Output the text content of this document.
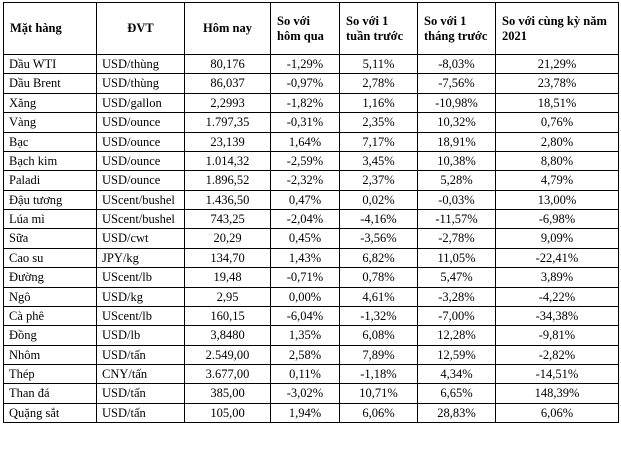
Mặt hàng	ĐVT	Hôm nay	So với hôm qua	So với 1 tuần trước	So với 1 tháng trước	So với cùng kỳ năm 2021
Dầu WTI	USD/thùng	80,176	-1,29%	5,11%	-8,03%	21,29%
Dầu Brent	USD/thùng	86,037	-0,97%	2,78%	-7,56%	23,78%
Xăng	USD/gallon	2,2993	-1,82%	1,16%	-10,98%	18,51%
Vàng	USD/ounce	1.797,35	-0,31%	2,35%	10,32%	0,76%
Bạc	USD/ounce	23,139	1,64%	7,17%	18,91%	2,80%
Bạch kim	USD/ounce	1.014,32	-2,59%	3,45%	10,38%	8,80%
Paladi	USD/ounce	1.896,52	-2,32%	2,37%	5,28%	4,79%
Đậu tương	UScent/bushel	1.436,50	0,47%	0,02%	-0,03%	13,00%
Lúa mì	UScent/bushel	743,25	-2,04%	-4,16%	-11,57%	-6,98%
Sữa	USD/cwt	20,29	0,45%	-3,56%	-2,78%	9,09%
Cao su	JPY/kg	134,70	1,43%	6,82%	11,05%	-22,41%
Đường	UScent/lb	19,48	-0,71%	0,78%	5,47%	3,89%
Ngô	USD/kg	2,95	0,00%	4,61%	-3,28%	-4,22%
Cà phê	UScent/lb	160,15	-6,04%	-1,32%	-7,00%	-34,38%
Đồng	USD/lb	3,8480	1,35%	6,08%	12,28%	-9,81%
Nhôm	USD/tấn	2.549,00	2,58%	7,89%	12,59%	-2,82%
Thép	CNY/tấn	3.677,00	0,11%	-1,18%	4,34%	-14,51%
Than đá	USD/tấn	385,00	-3,02%	10,71%	6,65%	148,39%
Quặng sắt	USD/tấn	105,00	1,94%	6,06%	28,83%	6,06%
